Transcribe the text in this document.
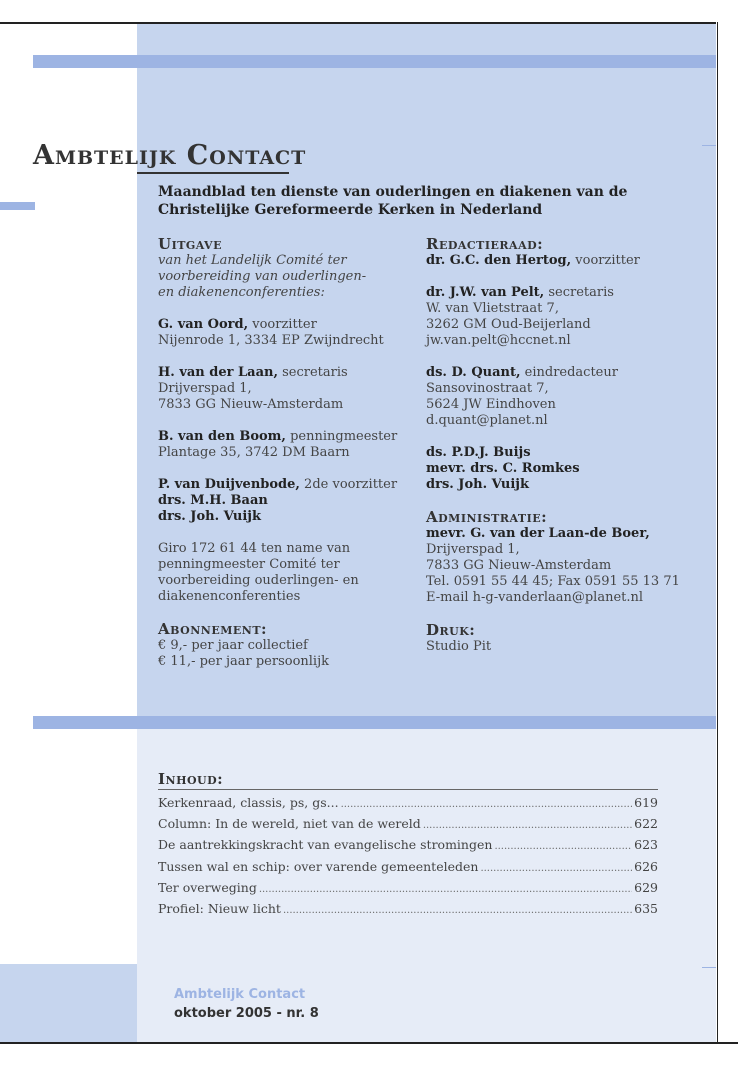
Ambtelijk Contact
Maandblad ten dienste van ouderlingen en diakenen van de
Christelijke Gereformeerde Kerken in Nederland
Uitgave
van het Landelijk Comité ter
voorbereiding van ouderlingen-
en diakenenconferenties:
G. van Oord, voorzitter
Nijenrode 1, 3334 EP Zwijndrecht
H. van der Laan, secretaris
Drijverspad 1,
7833 GG Nieuw-Amsterdam
B. van den Boom, penningmeester
Plantage 35, 3742 DM Baarn
P. van Duijvenbode, 2de voorzitter
drs. M.H. Baan
drs. Joh. Vuijk
Giro 172 61 44 ten name van
penningmeester Comité ter
voorbereiding ouderlingen- en
diakenenconferenties
Abonnement:
€ 9,- per jaar collectief
€ 11,- per jaar persoonlijk
Redactieraad:
dr. G.C. den Hertog, voorzitter
dr. J.W. van Pelt, secretaris
W. van Vlietstraat 7,
3262 GM Oud-Beijerland
jw.van.pelt@hccnet.nl
ds. D. Quant, eindredacteur
Sansovinostraat 7,
5624 JW Eindhoven
d.quant@planet.nl
ds. P.D.J. Buijs
mevr. drs. C. Romkes
drs. Joh. Vuijk
Administratie:
mevr. G. van der Laan-de Boer,
Drijverspad 1,
7833 GG Nieuw-Amsterdam
Tel. 0591 55 44 45; Fax 0591 55 13 71
E-mail h-g-vanderlaan@planet.nl
Druk:
Studio Pit
Inhoud:
Kerkenraad, classis, ps, gs... .....	619
Column: In de wereld, niet van de wereld .....	622
De aantrekkingskracht van evangelische stromingen .....	623
Tussen wal en schip: over varende gemeenteleden .....	626
Ter overweging .....	629
Profiel: Nieuw licht .....	635
Ambtelijk Contact
oktober 2005 - nr. 8
